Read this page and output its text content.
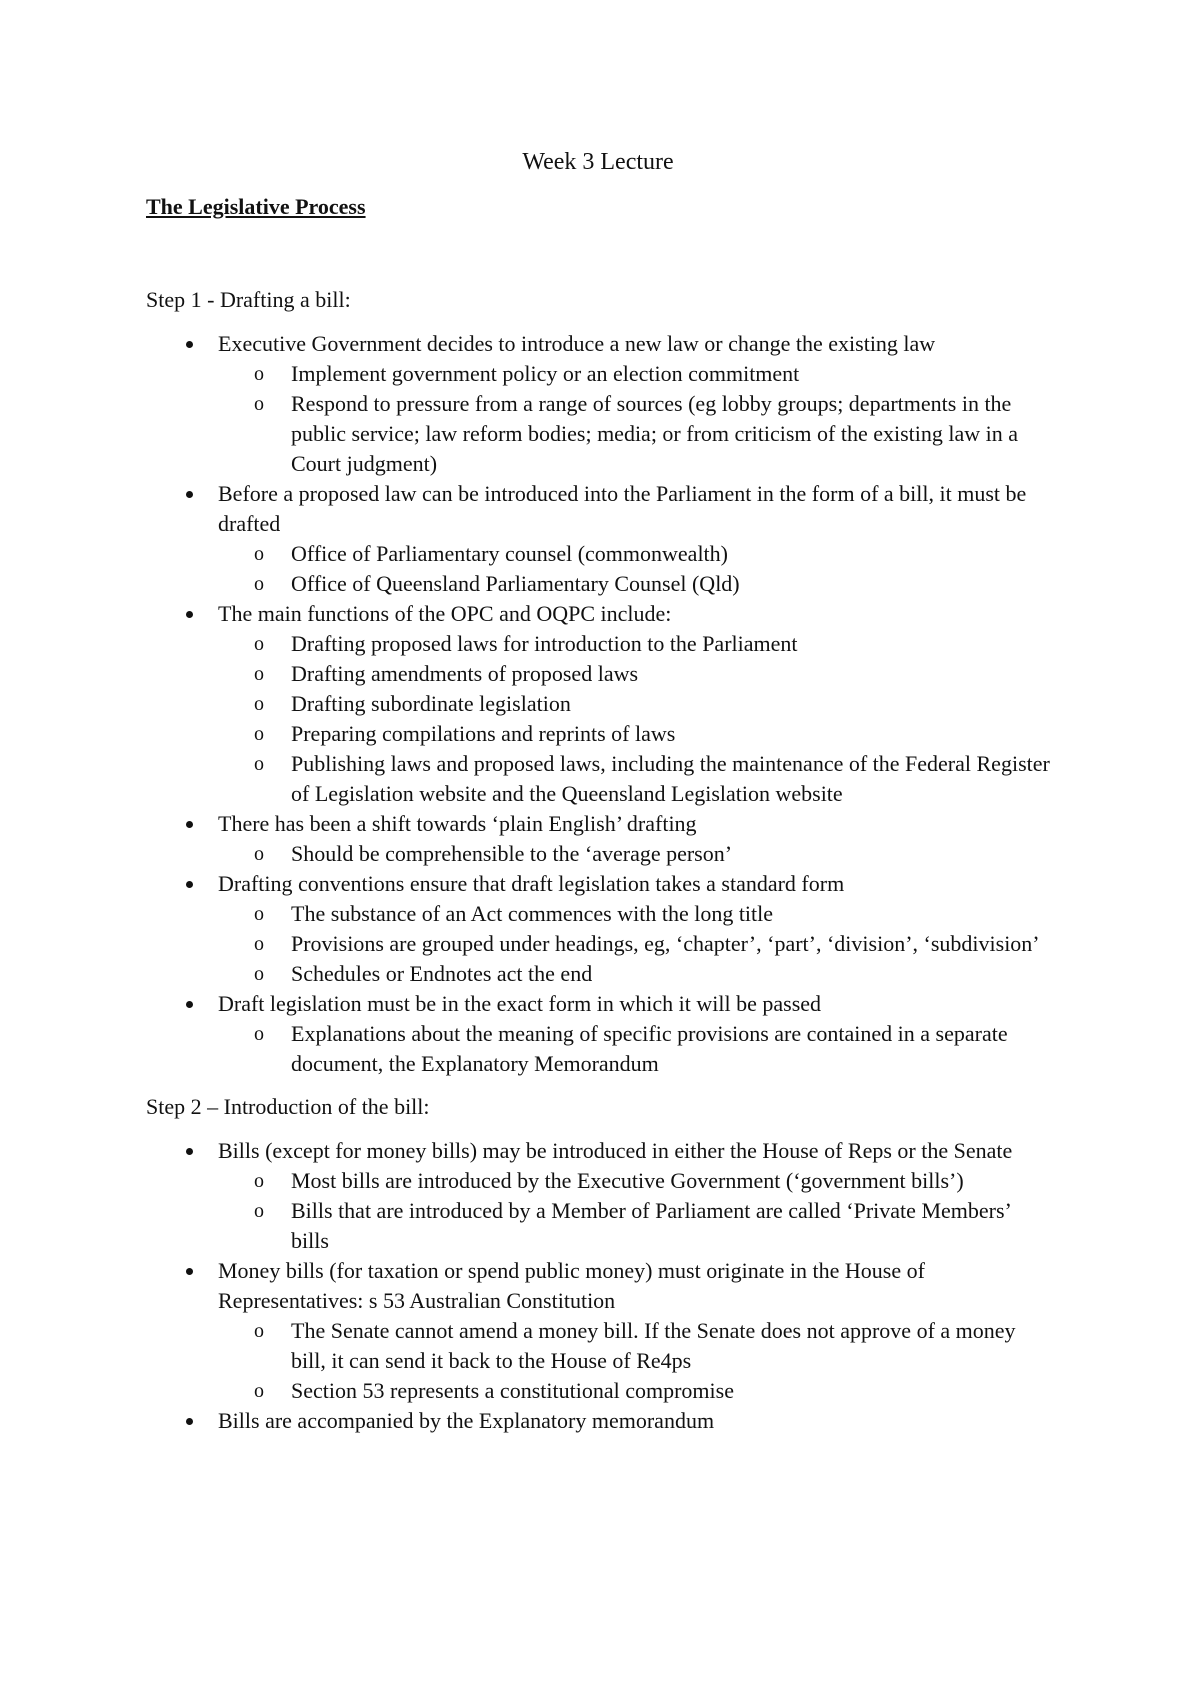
Week 3 Lecture
The Legislative Process
Step 1 - Drafting a bill:
Executive Government decides to introduce a new law or change the existing law
o Implement government policy or an election commitment
o Respond to pressure from a range of sources (eg lobby groups; departments in the public service; law reform bodies; media; or from criticism of the existing law in a Court judgment)
Before a proposed law can be introduced into the Parliament in the form of a bill, it must be drafted
o Office of Parliamentary counsel (commonwealth)
o Office of Queensland Parliamentary Counsel (Qld)
The main functions of the OPC and OQPC include:
o Drafting proposed laws for introduction to the Parliament
o Drafting amendments of proposed laws
o Drafting subordinate legislation
o Preparing compilations and reprints of laws
o Publishing laws and proposed laws, including the maintenance of the Federal Register of Legislation website and the Queensland Legislation website
There has been a shift towards ‘plain English’ drafting
o Should be comprehensible to the ‘average person’
Drafting conventions ensure that draft legislation takes a standard form
o The substance of an Act commences with the long title
o Provisions are grouped under headings, eg, ‘chapter’, ‘part’, ‘division’, ‘subdivision’
o Schedules or Endnotes act the end
Draft legislation must be in the exact form in which it will be passed
o Explanations about the meaning of specific provisions are contained in a separate document, the Explanatory Memorandum
Step 2 – Introduction of the bill:
Bills (except for money bills) may be introduced in either the House of Reps or the Senate
o Most bills are introduced by the Executive Government (‘government bills’)
o Bills that are introduced by a Member of Parliament are called ‘Private Members’ bills
Money bills (for taxation or spend public money) must originate in the House of Representatives: s 53 Australian Constitution
o The Senate cannot amend a money bill. If the Senate does not approve of a money bill, it can send it back to the House of Re4ps
o Section 53 represents a constitutional compromise
Bills are accompanied by the Explanatory memorandum
